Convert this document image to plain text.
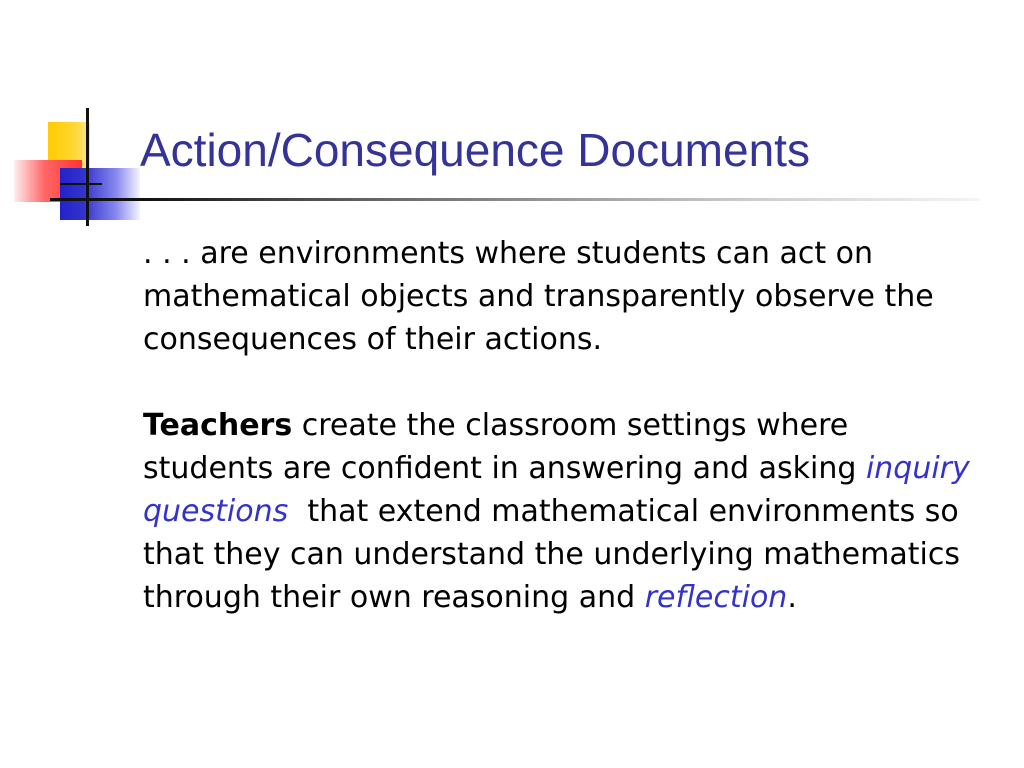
Action/Consequence Documents

. . . are environments where students can act on mathematical objects and transparently observe the consequences of their actions.

Teachers create the classroom settings where students are confident in answering and asking inquiry questions  that extend mathematical environments so that they can understand the underlying mathematics through their own reasoning and reflection.
